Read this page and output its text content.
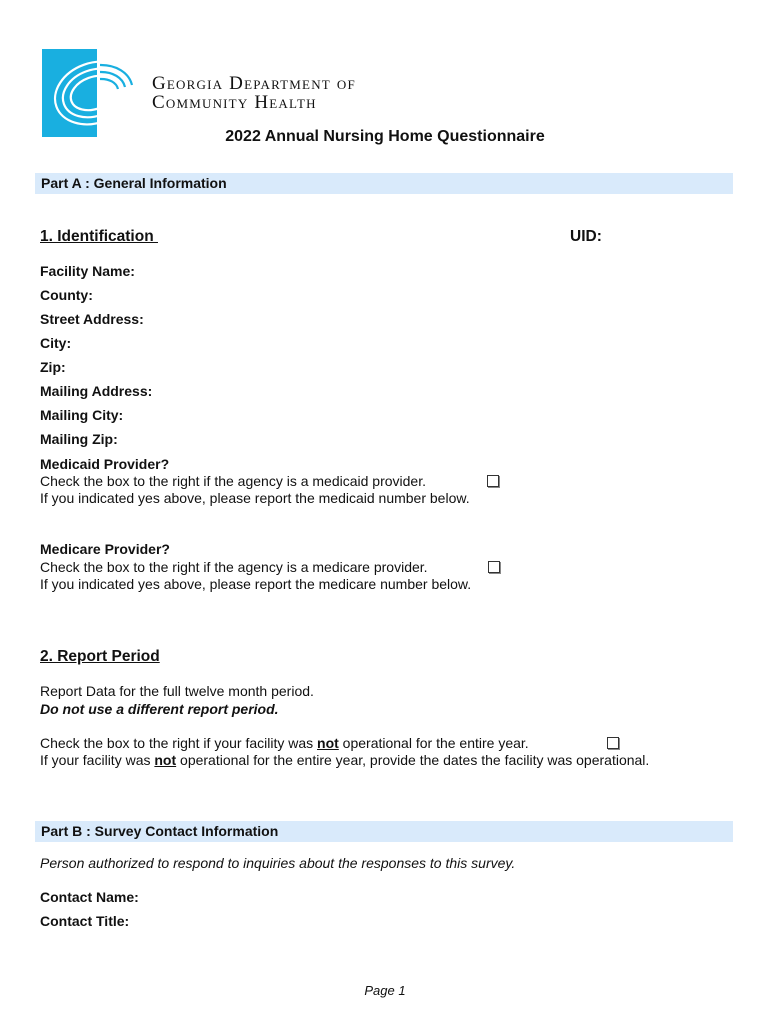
Georgia Department of
Community Health
2022 Annual Nursing Home Questionnaire
Part A : General Information
1. Identification	UID:
Facility Name:
County:
Street Address:
City:
Zip:
Mailing Address:
Mailing City:
Mailing Zip:
Medicaid Provider?
Check the box to the right if the agency is a medicaid provider.
If you indicated yes above, please report the medicaid number below.
Medicare Provider?
Check the box to the right if the agency is a medicare provider.
If you indicated yes above, please report the medicare number below.
2. Report Period
Report Data for the full twelve month period.
Do not use a different report period.
Check the box to the right if your facility was not operational for the entire year.
If your facility was not operational for the entire year, provide the dates the facility was operational.
Part B : Survey Contact Information
Person authorized to respond to inquiries about the responses to this survey.
Contact Name:
Contact Title:
Page 1
